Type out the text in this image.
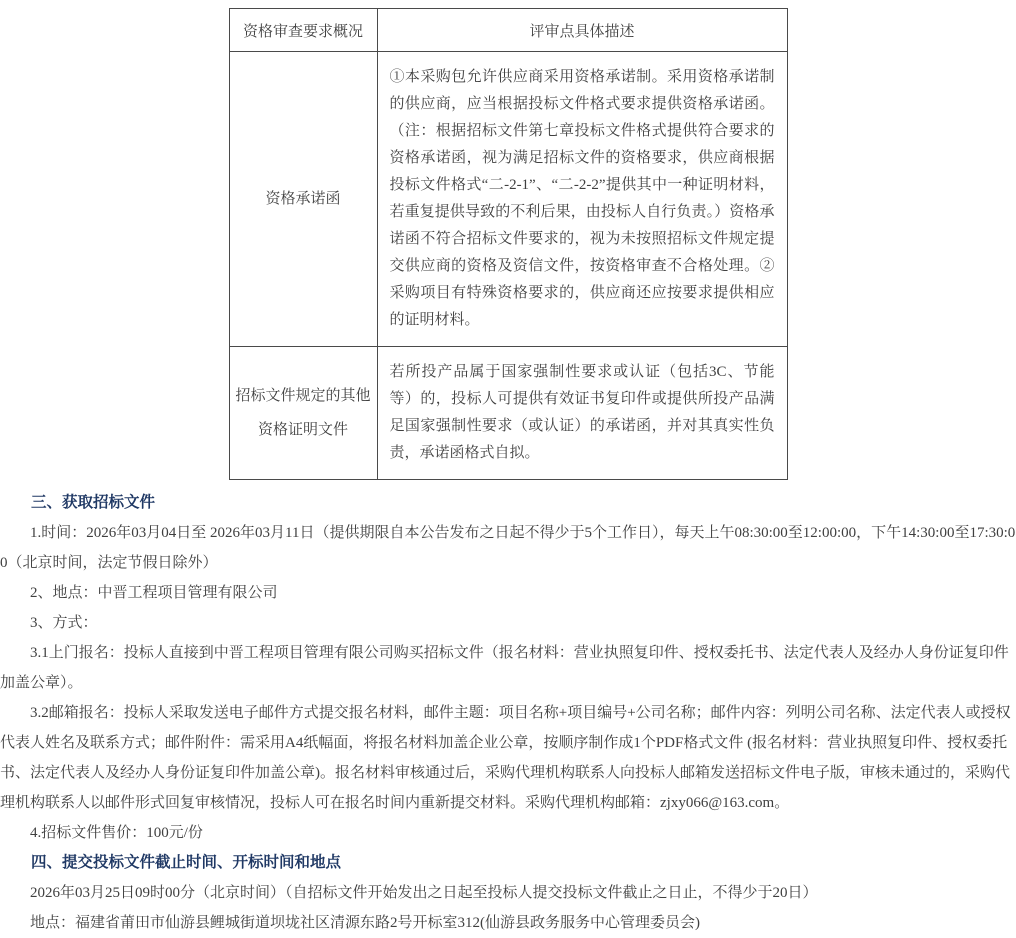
资格审查要求概况	评审点具体描述
资格承诺函	①本采购包允许供应商采用资格承诺制。采用资格承诺制的供应商，应当根据投标文件格式要求提供资格承诺函。（注：根据招标文件第七章投标文件格式提供符合要求的资格承诺函，视为满足招标文件的资格要求，供应商根据投标文件格式“二-2-1”、“二-2-2”提供其中一种证明材料，若重复提供导致的不利后果，由投标人自行负责。）资格承诺函不符合招标文件要求的，视为未按照招标文件规定提交供应商的资格及资信文件，按资格审查不合格处理。②采购项目有特殊资格要求的，供应商还应按要求提供相应的证明材料。
招标文件规定的其他资格证明文件	若所投产品属于国家强制性要求或认证（包括3C、节能等）的，投标人可提供有效证书复印件或提供所投产品满足国家强制性要求（或认证）的承诺函，并对其真实性负责，承诺函格式自拟。
三、获取招标文件

1.时间：2026年03月04日至 2026年03月11日（提供期限自本公告发布之日起不得少于5个工作日），每天上午08:30:00至12:00:00，下午14:30:00至17:30:00（北京时间，法定节假日除外）

2、地点：中晋工程项目管理有限公司

3、方式：

3.1上门报名：投标人直接到中晋工程项目管理有限公司购买招标文件（报名材料：营业执照复印件、授权委托书、法定代表人及经办人身份证复印件加盖公章）。

3.2邮箱报名：投标人采取发送电子邮件方式提交报名材料，邮件主题：项目名称+项目编号+公司名称；邮件内容：列明公司名称、法定代表人或授权代表人姓名及联系方式；邮件附件：需采用A4纸幅面，将报名材料加盖企业公章，按顺序制作成1个PDF格式文件 (报名材料：营业执照复印件、授权委托书、法定代表人及经办人身份证复印件加盖公章)。报名材料审核通过后，采购代理机构联系人向投标人邮箱发送招标文件电子版，审核未通过的，采购代理机构联系人以邮件形式回复审核情况，投标人可在报名时间内重新提交材料。采购代理机构邮箱：zjxy066@163.com。

4.招标文件售价：100元/份

四、提交投标文件截止时间、开标时间和地点

2026年03月25日09时00分（北京时间）（自招标文件开始发出之日起至投标人提交投标文件截止之日止，不得少于20日）

地点：福建省莆田市仙游县鲤城街道坝垅社区清源东路2号开标室312(仙游县政务服务中心管理委员会)
